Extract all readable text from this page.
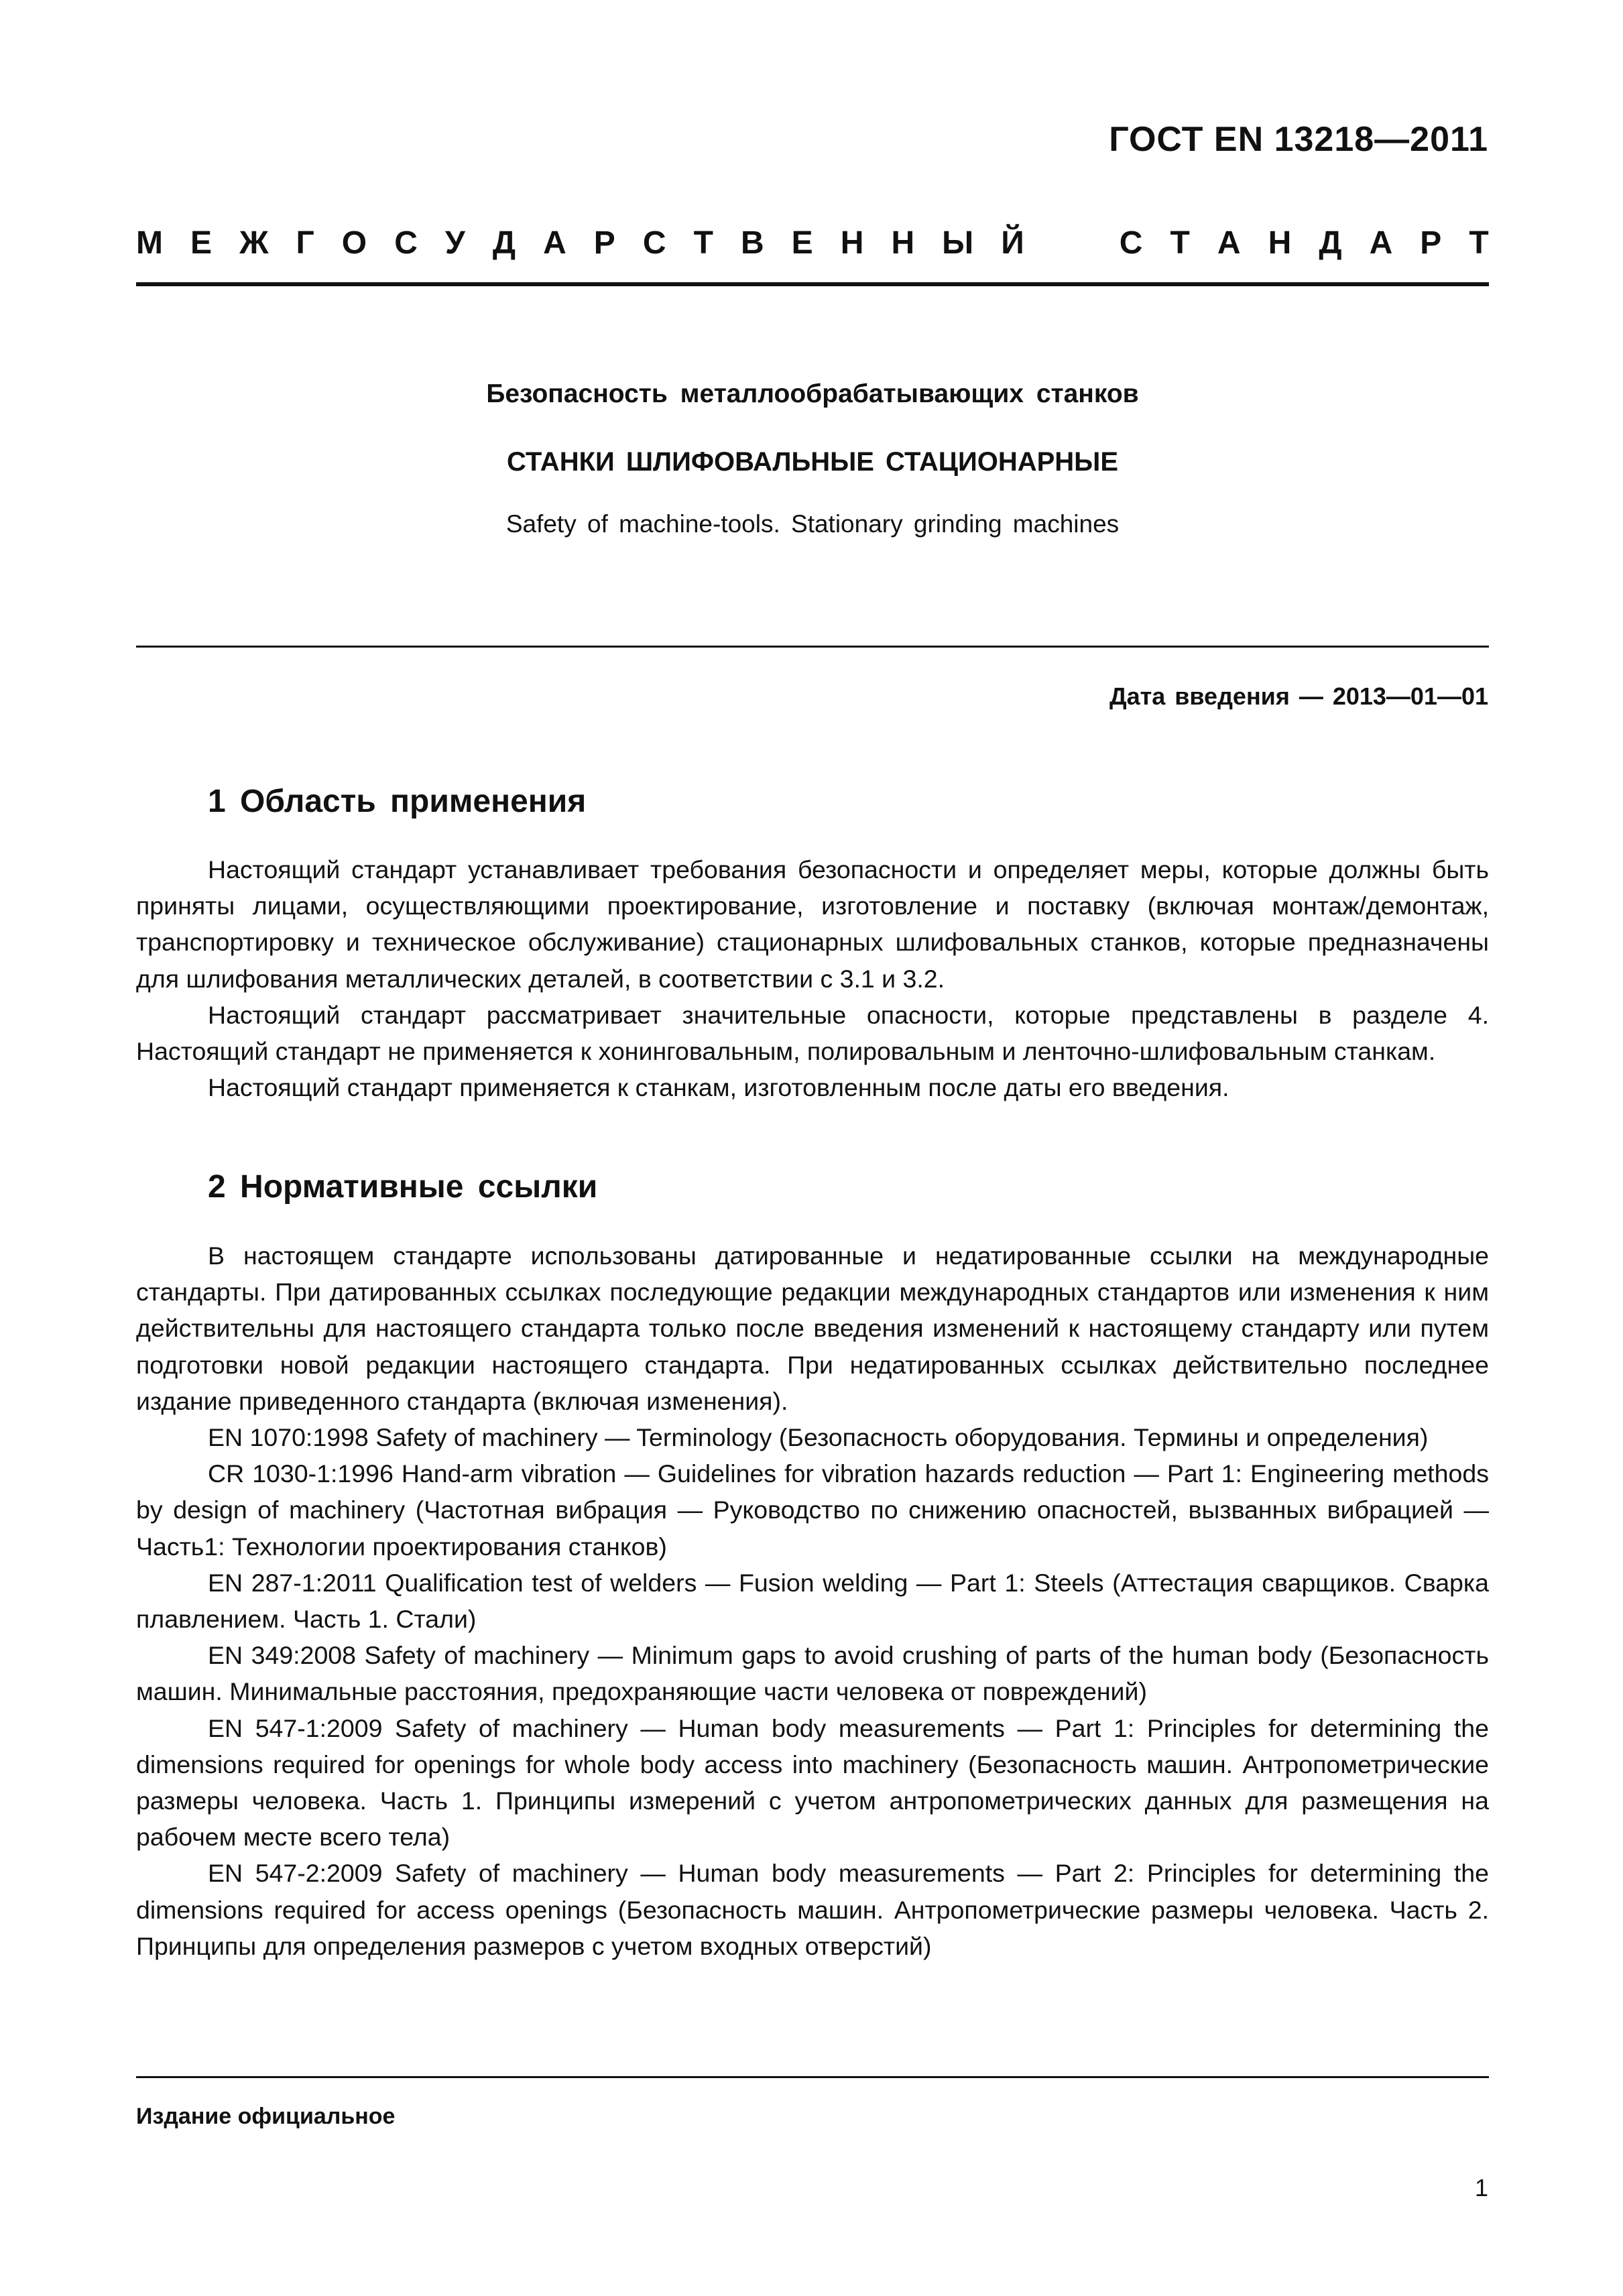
ГОСТ EN 13218—2011
М Е Ж Г О С У Д А Р С Т В Е Н Н Ы Й	С Т А Н Д А Р Т
Безопасность металлообрабатывающих станков
СТАНКИ ШЛИФОВАЛЬНЫЕ СТАЦИОНАРНЫЕ
Safety of machine-tools. Stationary grinding machines
Дата введения — 2013—01—01
1 Область применения

Настоящий стандарт устанавливает требования безопасности и определяет меры, которые должны быть приняты лицами, осуществляющими проектирование, изготовление и поставку (включая монтаж/демонтаж, транспортировку и техническое обслуживание) стационарных шлифовальных станков, которые предназначены для шлифования металлических деталей, в соответствии с 3.1 и 3.2.

Настоящий стандарт рассматривает значительные опасности, которые представлены в разделе 4. Настоящий стандарт не применяется к хонинговальным, полировальным и ленточно-шлифовальным станкам.

Настоящий стандарт применяется к станкам, изготовленным после даты его введения.

2 Нормативные ссылки

В настоящем стандарте использованы датированные и недатированные ссылки на международные стандарты. При датированных ссылках последующие редакции международных стандартов или изменения к ним действительны для настоящего стандарта только после введения изменений к настоящему стандарту или путем подготовки новой редакции настоящего стандарта. При недатированных ссылках действительно последнее издание приведенного стандарта (включая изменения).

EN 1070:1998 Safety of machinery — Terminology (Безопасность оборудования. Термины и определения)

CR 1030-1:1996 Hand-arm vibration — Guidelines for vibration hazards reduction — Part 1: Engineering methods by design of machinery (Частотная вибрация — Руководство по снижению опасностей, вызванных вибрацией — Часть1: Технологии проектирования станков)

EN 287-1:2011 Qualification test of welders — Fusion welding — Part 1: Steels (Аттестация сварщиков. Сварка плавлением. Часть 1. Стали)

EN 349:2008 Safety of machinery — Minimum gaps to avoid crushing of parts of the human body (Безопасность машин. Минимальные расстояния, предохраняющие части человека от повреждений)

EN 547-1:2009 Safety of machinery — Human body measurements — Part 1: Principles for determining the dimensions required for openings for whole body access into machinery (Безопасность машин. Антропометрические размеры человека. Часть 1. Принципы измерений с учетом антропометрических данных для размещения на рабочем месте всего тела)

EN 547-2:2009 Safety of machinery — Human body measurements — Part 2: Principles for determining the dimensions required for access openings (Безопасность машин. Антропометрические размеры человека. Часть 2. Принципы для определения размеров с учетом входных отверстий)

Издание официальное
1
